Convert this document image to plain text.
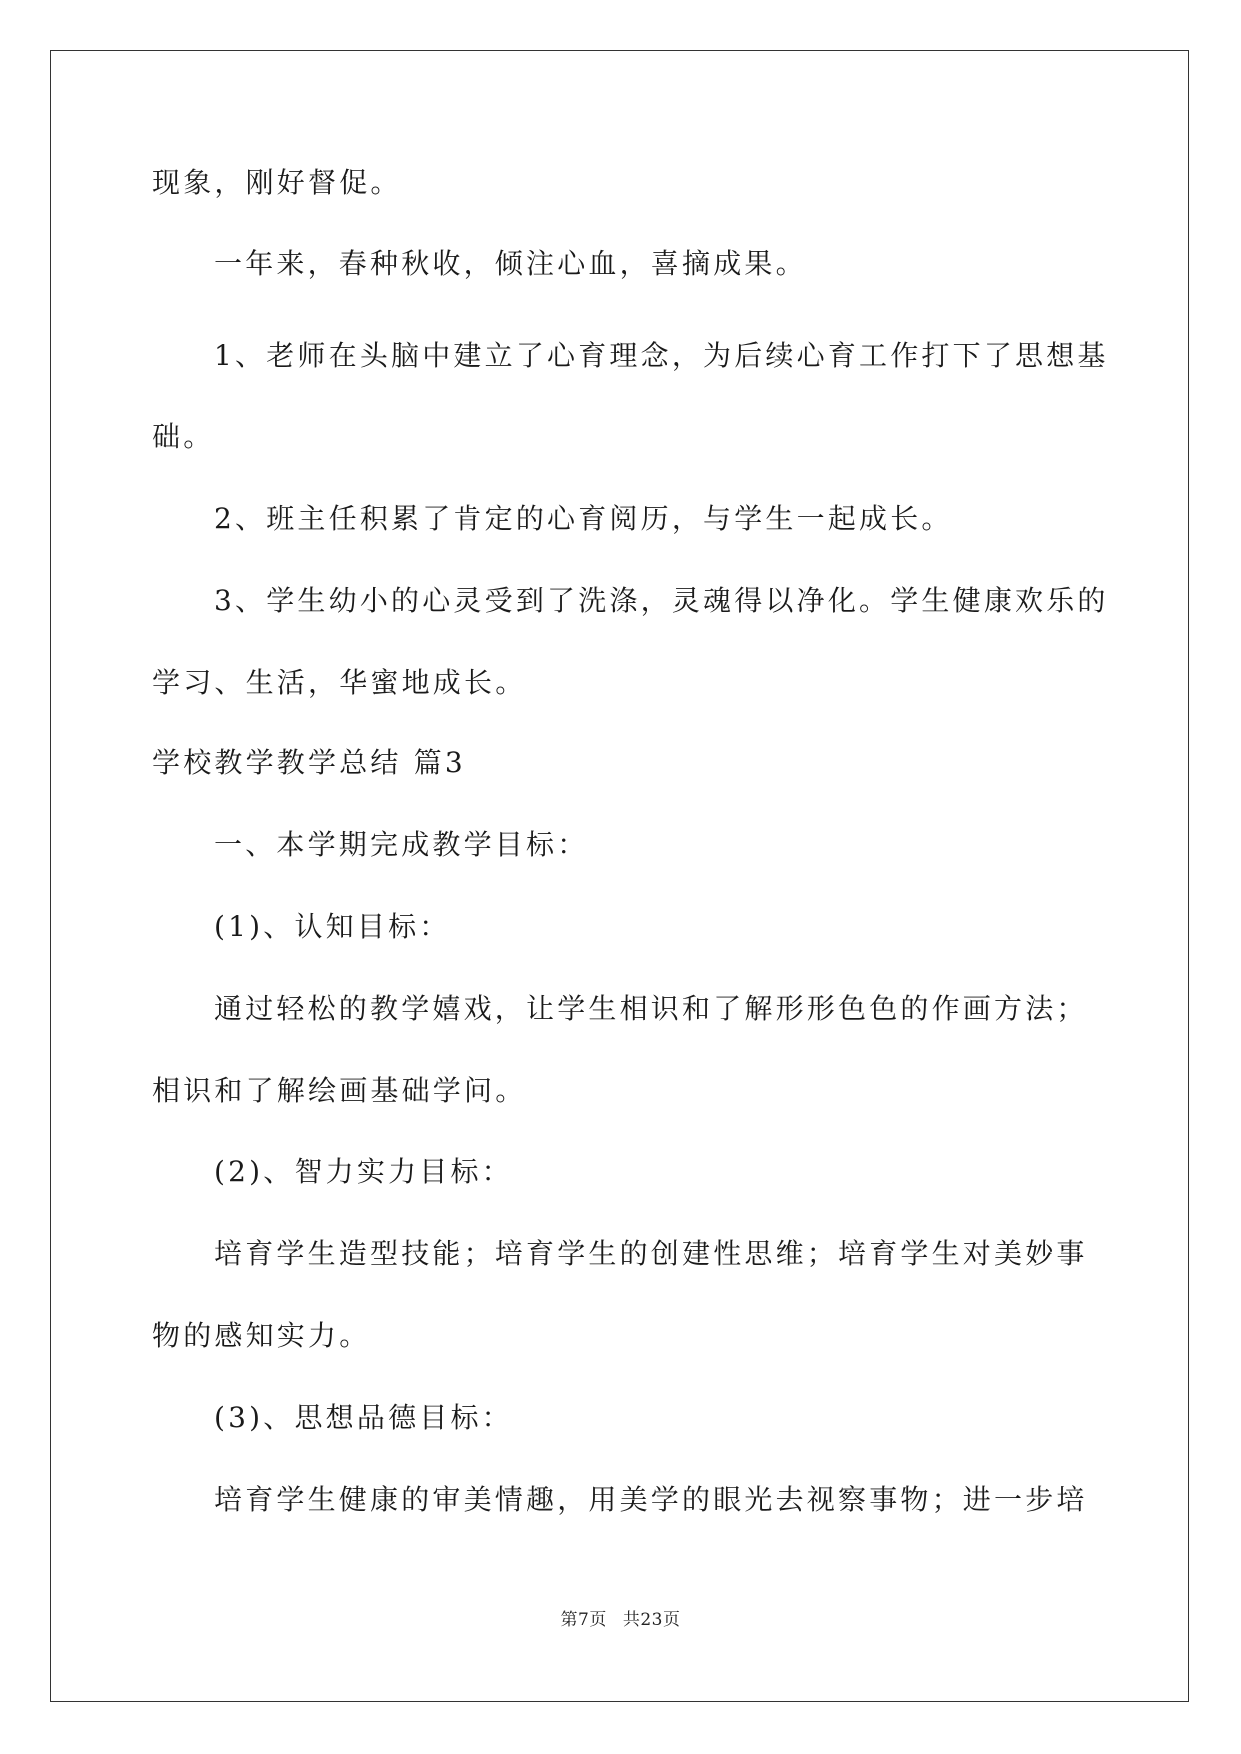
现象，刚好督促。
一年来，春种秋收，倾注心血，喜摘成果。
1、老师在头脑中建立了心育理念，为后续心育工作打下了思想基
础。
2、班主任积累了肯定的心育阅历，与学生一起成长。
3、学生幼小的心灵受到了洗涤，灵魂得以净化。学生健康欢乐的
学习、生活，华蜜地成长。
学校教学教学总结 篇3
一、本学期完成教学目标：
(1)、认知目标：
通过轻松的教学嬉戏，让学生相识和了解形形色色的作画方法；
相识和了解绘画基础学问。
(2)、智力实力目标：
培育学生造型技能；培育学生的创建性思维；培育学生对美妙事
物的感知实力。
(3)、思想品德目标：
培育学生健康的审美情趣，用美学的眼光去视察事物；进一步培
第7页 共23页
